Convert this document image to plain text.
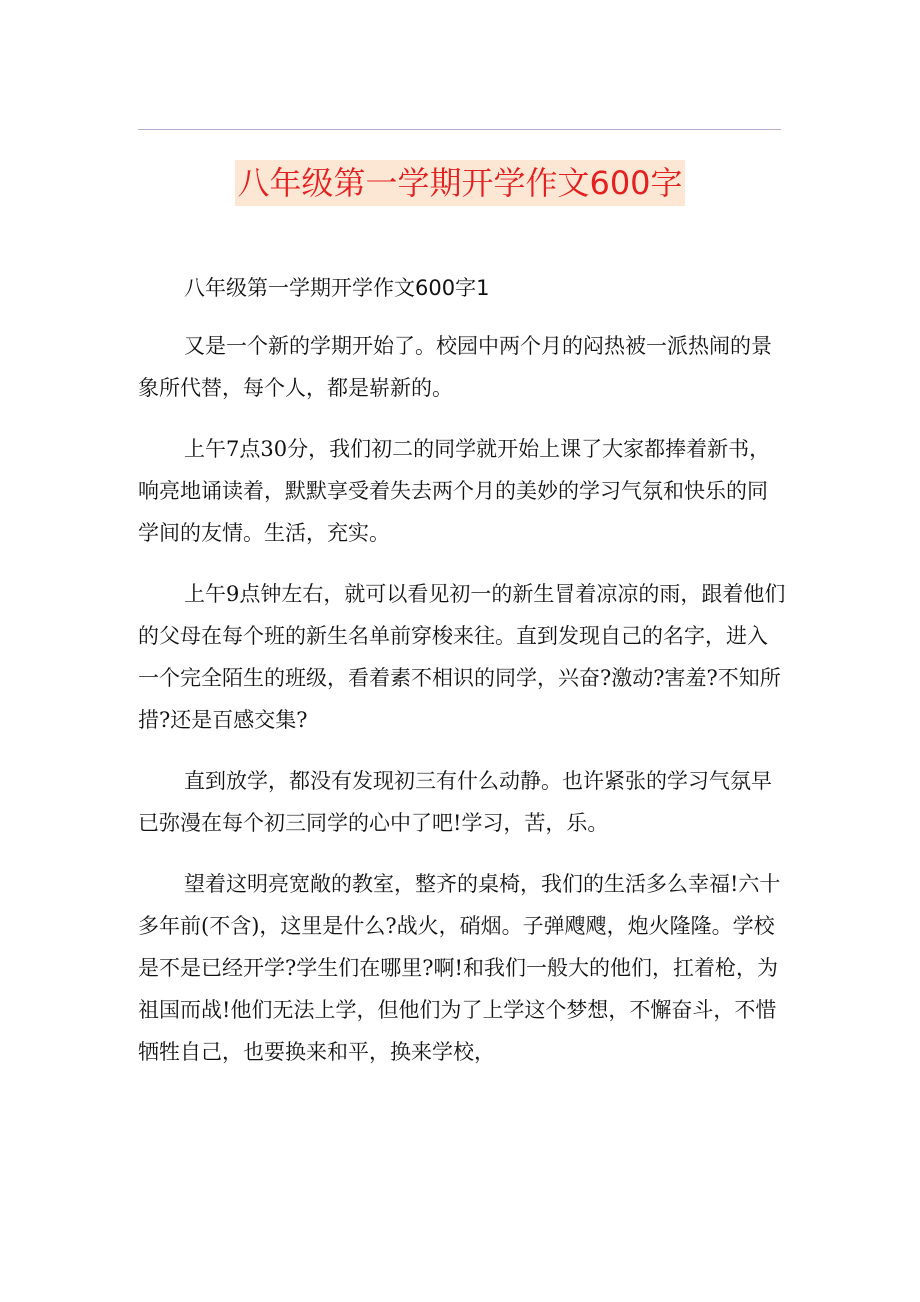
八年级第一学期开学作文600字

八年级第一学期开学作文600字1

又是一个新的学期开始了。校园中两个月的闷热被一派热闹的景象所代替，每个人，都是崭新的。

上午7点30分，我们初二的同学就开始上课了大家都捧着新书，响亮地诵读着，默默享受着失去两个月的美妙的学习气氛和快乐的同学间的友情。生活，充实。

上午9点钟左右，就可以看见初一的新生冒着凉凉的雨，跟着他们的父母在每个班的新生名单前穿梭来往。直到发现自己的名字，进入一个完全陌生的班级，看着素不相识的同学，兴奋?激动?害羞?不知所措?还是百感交集?

直到放学，都没有发现初三有什么动静。也许紧张的学习气氛早已弥漫在每个初三同学的心中了吧!学习，苦，乐。

望着这明亮宽敞的教室，整齐的桌椅，我们的生活多么幸福!六十多年前(不含)，这里是什么?战火，硝烟。子弹飕飕，炮火隆隆。学校是不是已经开学?学生们在哪里?啊!和我们一般大的他们，扛着枪，为祖国而战!他们无法上学，但他们为了上学这个梦想，不懈奋斗，不惜牺牲自己，也要换来和平，换来学校，
